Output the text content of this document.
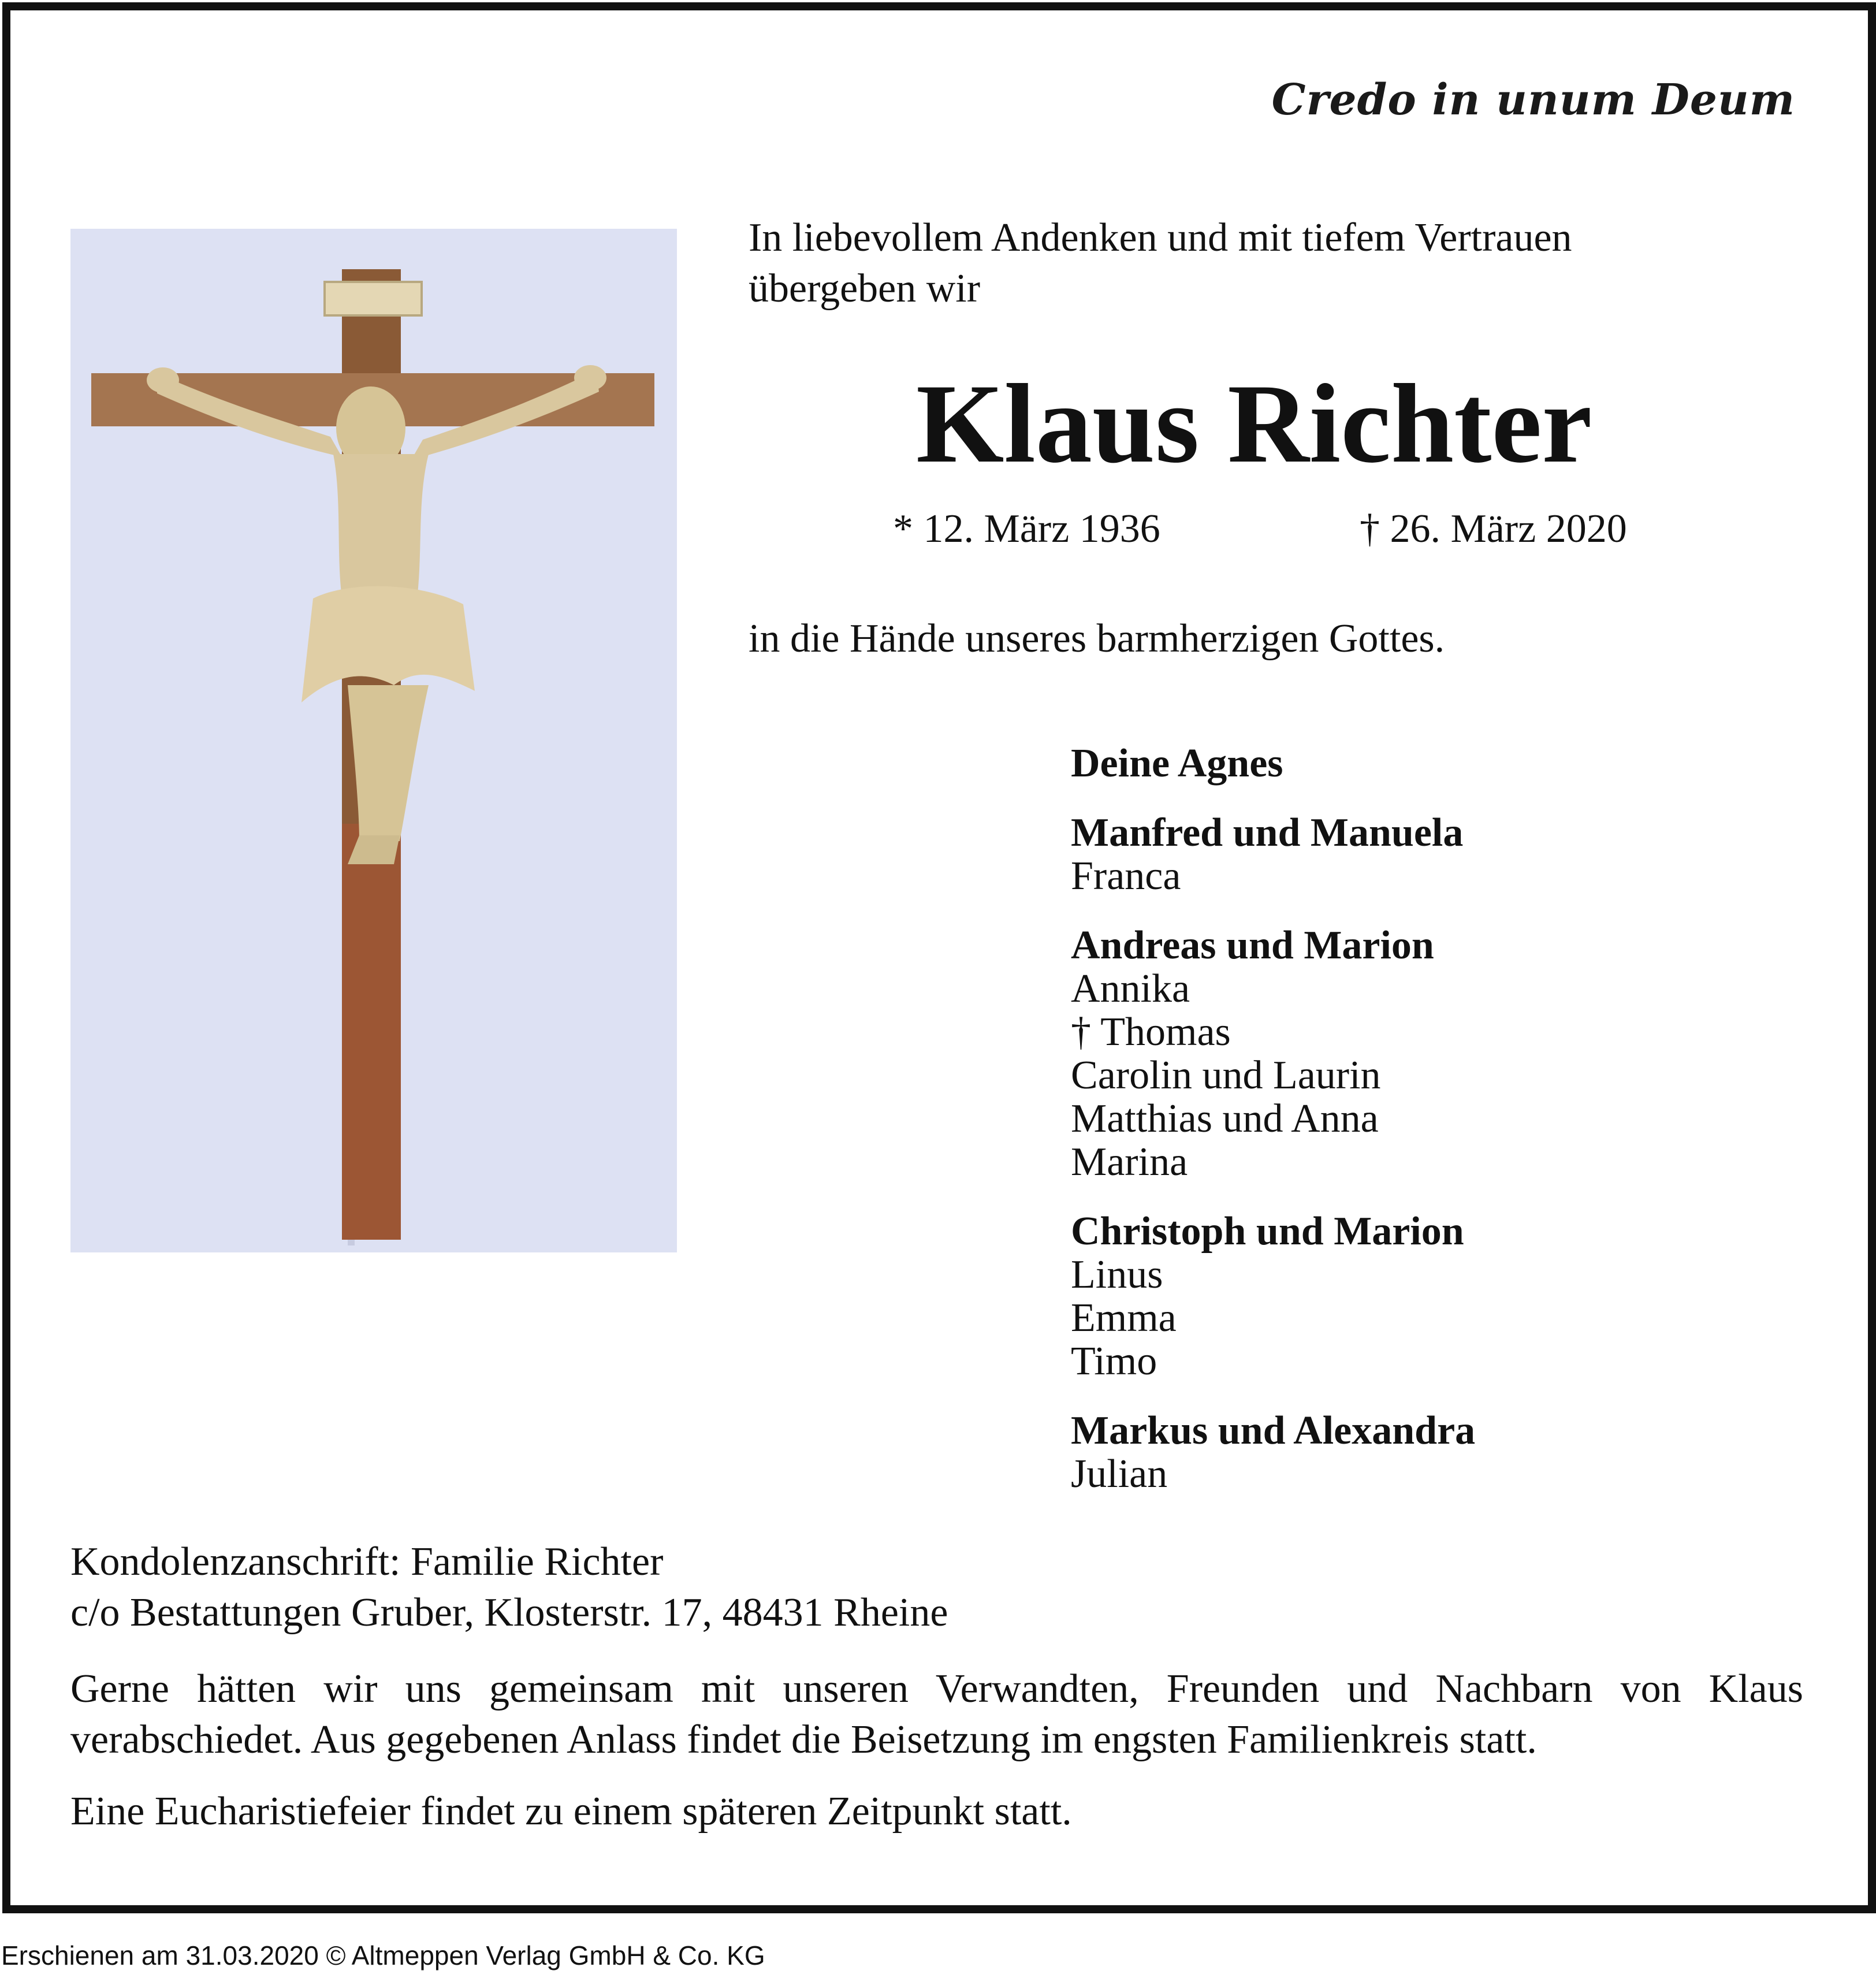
Credo in unum Deum
In liebevollem Andenken und mit tiefem Vertrauen
übergeben wir
Klaus Richter
* 12. März 1936	† 26. März 2020
in die Hände unseres barmherzigen Gottes.
Deine Agnes
Manfred und Manuela
Franca
Andreas und Marion
Annika
† Thomas
Carolin und Laurin
Matthias und Anna
Marina
Christoph und Marion
Linus
Emma
Timo
Markus und Alexandra
Julian
Kondolenzanschrift: Familie Richter
c/o Bestattungen Gruber, Klosterstr. 17, 48431 Rheine
Gerne hätten wir uns gemeinsam mit unseren Verwandten, Freunden und Nachbarn von Klaus verabschiedet. Aus gegebenen Anlass findet die Beisetzung im engsten Familienkreis statt.
Eine Eucharistiefeier findet zu einem späteren Zeitpunkt statt.
Erschienen am 31.03.2020 © Altmeppen Verlag GmbH & Co. KG
